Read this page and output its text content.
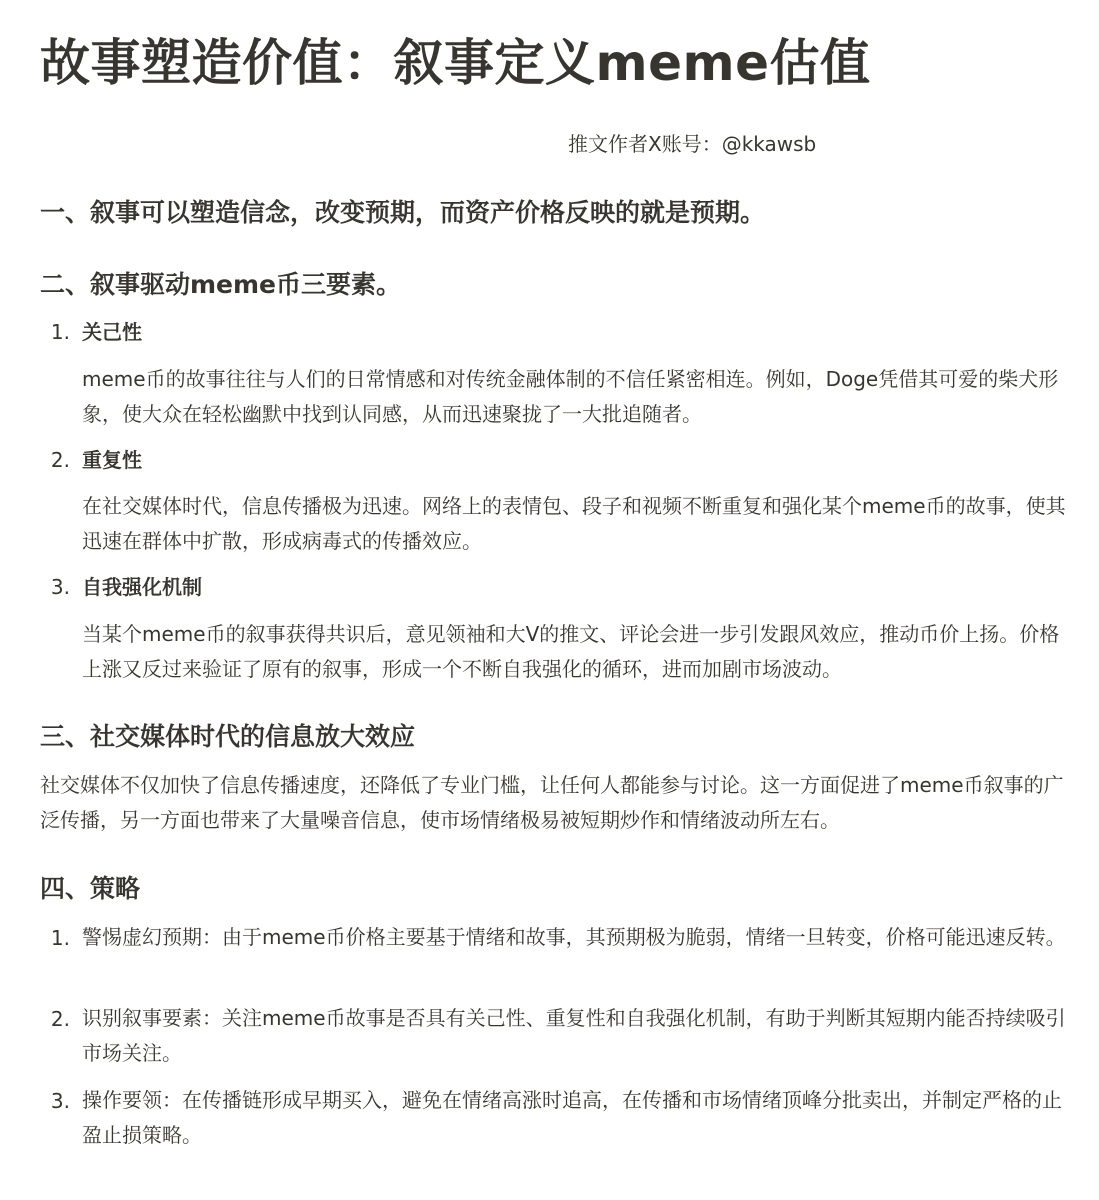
故事塑造价值：叙事定义meme估值
推文作者X账号：@kkawsb
一、叙事可以塑造信念，改变预期，而资产价格反映的就是预期。
二、叙事驱动meme币三要素。
1. 关己性

meme币的故事往往与人们的日常情感和对传统金融体制的不信任紧密相连。例如，Doge凭借其可爱的柴犬形象，使大众在轻松幽默中找到认同感，从而迅速聚拢了一大批追随者。

2. 重复性

在社交媒体时代，信息传播极为迅速。网络上的表情包、段子和视频不断重复和强化某个meme币的故事，使其迅速在群体中扩散，形成病毒式的传播效应。

3. 自我强化机制

当某个meme币的叙事获得共识后，意见领袖和大V的推文、评论会进一步引发跟风效应，推动币价上扬。价格上涨又反过来验证了原有的叙事，形成一个不断自我强化的循环，进而加剧市场波动。

三、社交媒体时代的信息放大效应

社交媒体不仅加快了信息传播速度，还降低了专业门槛，让任何人都能参与讨论。这一方面促进了meme币叙事的广泛传播，另一方面也带来了大量噪音信息，使市场情绪极易被短期炒作和情绪波动所左右。

四、策略
1. 警惕虚幻预期：由于meme币价格主要基于情绪和故事，其预期极为脆弱，情绪一旦转变，价格可能迅速反转。

2. 识别叙事要素：关注meme币故事是否具有关己性、重复性和自我强化机制，有助于判断其短期内能否持续吸引市场关注。

3. 操作要领：在传播链形成早期买入，避免在情绪高涨时追高，在传播和市场情绪顶峰分批卖出，并制定严格的止盈止损策略。
